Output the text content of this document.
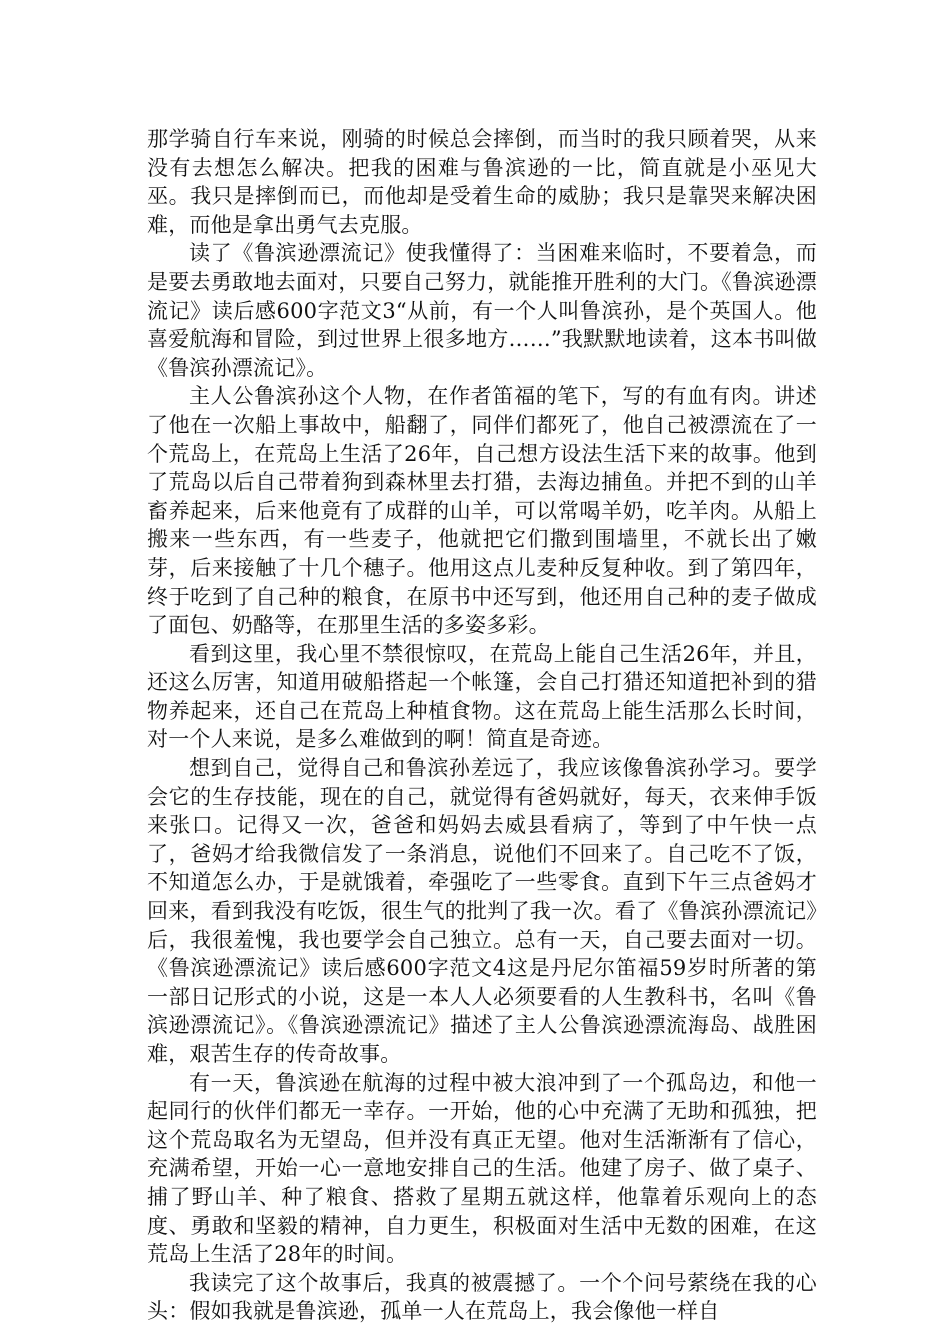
那学骑自行车来说，刚骑的时候总会摔倒，而当时的我只顾着哭，从来没有去想怎么解决。把我的困难与鲁滨逊的一比，简直就是小巫见大巫。我只是摔倒而已，而他却是受着生命的威胁；我只是靠哭来解决困难，而他是拿出勇气去克服。

读了《鲁滨逊漂流记》使我懂得了：当困难来临时，不要着急，而是要去勇敢地去面对，只要自己努力，就能推开胜利的大门。《鲁滨逊漂流记》读后感600字范文3“从前，有一个人叫鲁滨孙，是个英国人。他喜爱航海和冒险，到过世界上很多地方……”我默默地读着，这本书叫做《鲁滨孙漂流记》。

主人公鲁滨孙这个人物，在作者笛福的笔下，写的有血有肉。讲述了他在一次船上事故中，船翻了，同伴们都死了，他自己被漂流在了一个荒岛上，在荒岛上生活了26年，自己想方设法生活下来的故事。他到了荒岛以后自己带着狗到森林里去打猎，去海边捕鱼。并把不到的山羊畜养起来，后来他竟有了成群的山羊，可以常喝羊奶，吃羊肉。从船上搬来一些东西，有一些麦子，他就把它们撒到围墙里，不就长出了嫩芽，后来接触了十几个穗子。他用这点儿麦种反复种收。到了第四年，终于吃到了自己种的粮食，在原书中还写到，他还用自己种的麦子做成了面包、奶酪等，在那里生活的多姿多彩。

看到这里，我心里不禁很惊叹，在荒岛上能自己生活26年，并且，还这么厉害，知道用破船搭起一个帐篷，会自己打猎还知道把补到的猎物养起来，还自己在荒岛上种植食物。这在荒岛上能生活那么长时间，对一个人来说，是多么难做到的啊！简直是奇迹。

想到自己，觉得自己和鲁滨孙差远了，我应该像鲁滨孙学习。要学会它的生存技能，现在的自己，就觉得有爸妈就好，每天，衣来伸手饭来张口。记得又一次，爸爸和妈妈去威县看病了，等到了中午快一点了，爸妈才给我微信发了一条消息，说他们不回来了。自己吃不了饭，不知道怎么办，于是就饿着，牵强吃了一些零食。直到下午三点爸妈才回来，看到我没有吃饭，很生气的批判了我一次。看了《鲁滨孙漂流记》后，我很羞愧，我也要学会自己独立。总有一天，自己要去面对一切。《鲁滨逊漂流记》读后感600字范文4这是丹尼尔笛福59岁时所著的第一部日记形式的小说，这是一本人人必须要看的人生教科书，名叫《鲁滨逊漂流记》。《鲁滨逊漂流记》描述了主人公鲁滨逊漂流海岛、战胜困难，艰苦生存的传奇故事。

有一天，鲁滨逊在航海的过程中被大浪冲到了一个孤岛边，和他一起同行的伙伴们都无一幸存。一开始，他的心中充满了无助和孤独，把这个荒岛取名为无望岛，但并没有真正无望。他对生活渐渐有了信心，充满希望，开始一心一意地安排自己的生活。他建了房子、做了桌子、捕了野山羊、种了粮食、搭救了星期五就这样，他靠着乐观向上的态度、勇敢和坚毅的精神，自力更生，积极面对生活中无数的困难，在这荒岛上生活了28年的时间。

我读完了这个故事后，我真的被震撼了。一个个问号萦绕在我的心头：假如我就是鲁滨逊，孤单一人在荒岛上，我会像他一样自
